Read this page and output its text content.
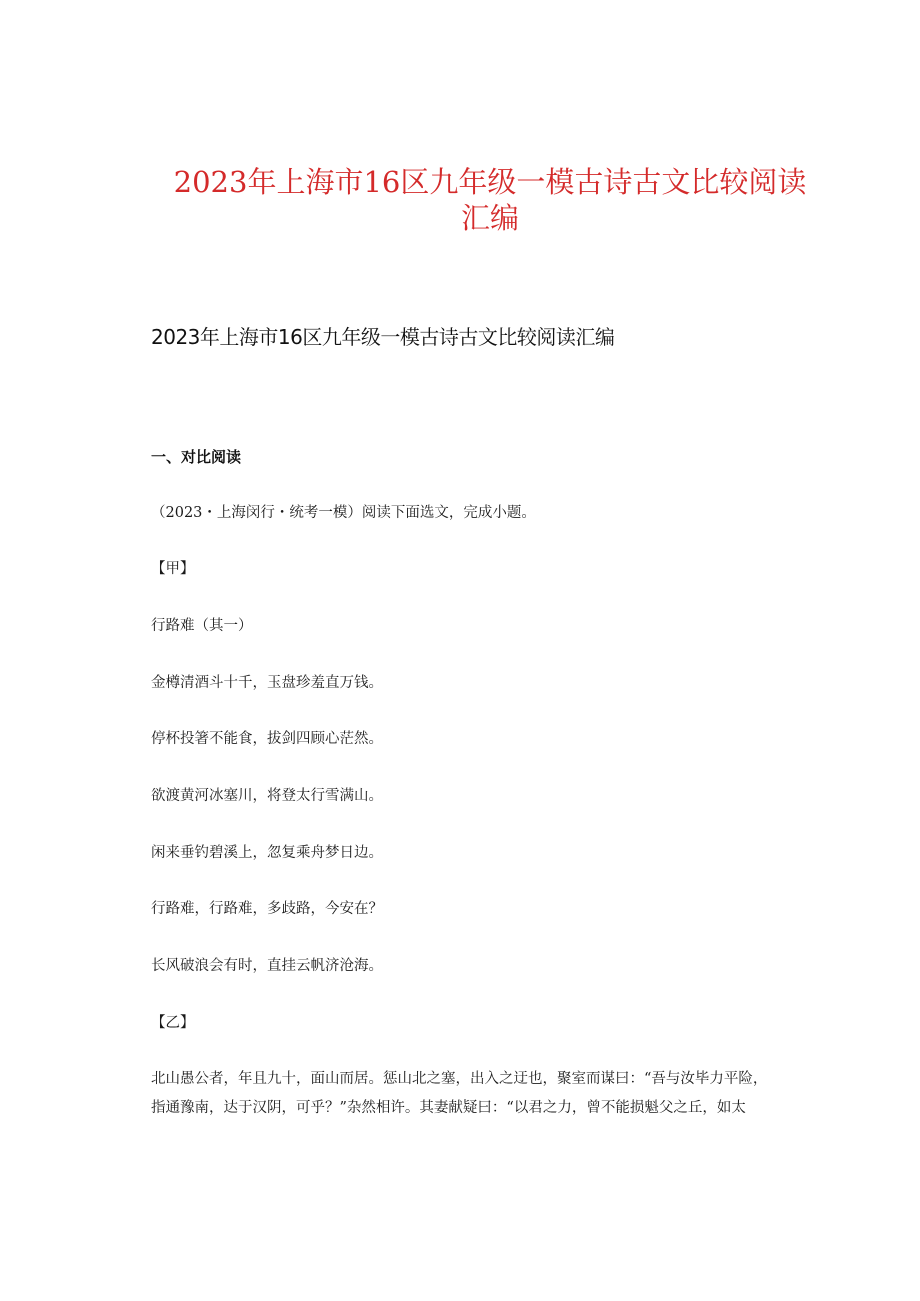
2023年上海市16区九年级一模古诗古文比较阅读
汇编
2023年上海市16区九年级一模古诗古文比较阅读汇编
一、对比阅读
（2023・上海闵行・统考一模）阅读下面选文，完成小题。
【甲】
行路难（其一）
金樽清酒斗十千，玉盘珍羞直万钱。
停杯投箸不能食，拔剑四顾心茫然。
欲渡黄河冰塞川，将登太行雪满山。
闲来垂钓碧溪上，忽复乘舟梦日边。
行路难，行路难，多歧路，今安在？
长风破浪会有时，直挂云帆济沧海。
【乙】
北山愚公者，年且九十，面山而居。惩山北之塞，出入之迂也，聚室而谋曰：“吾与汝毕力平险，
指通豫南，达于汉阴，可乎？”杂然相许。其妻献疑曰：“以君之力，曾不能损魁父之丘，如太
